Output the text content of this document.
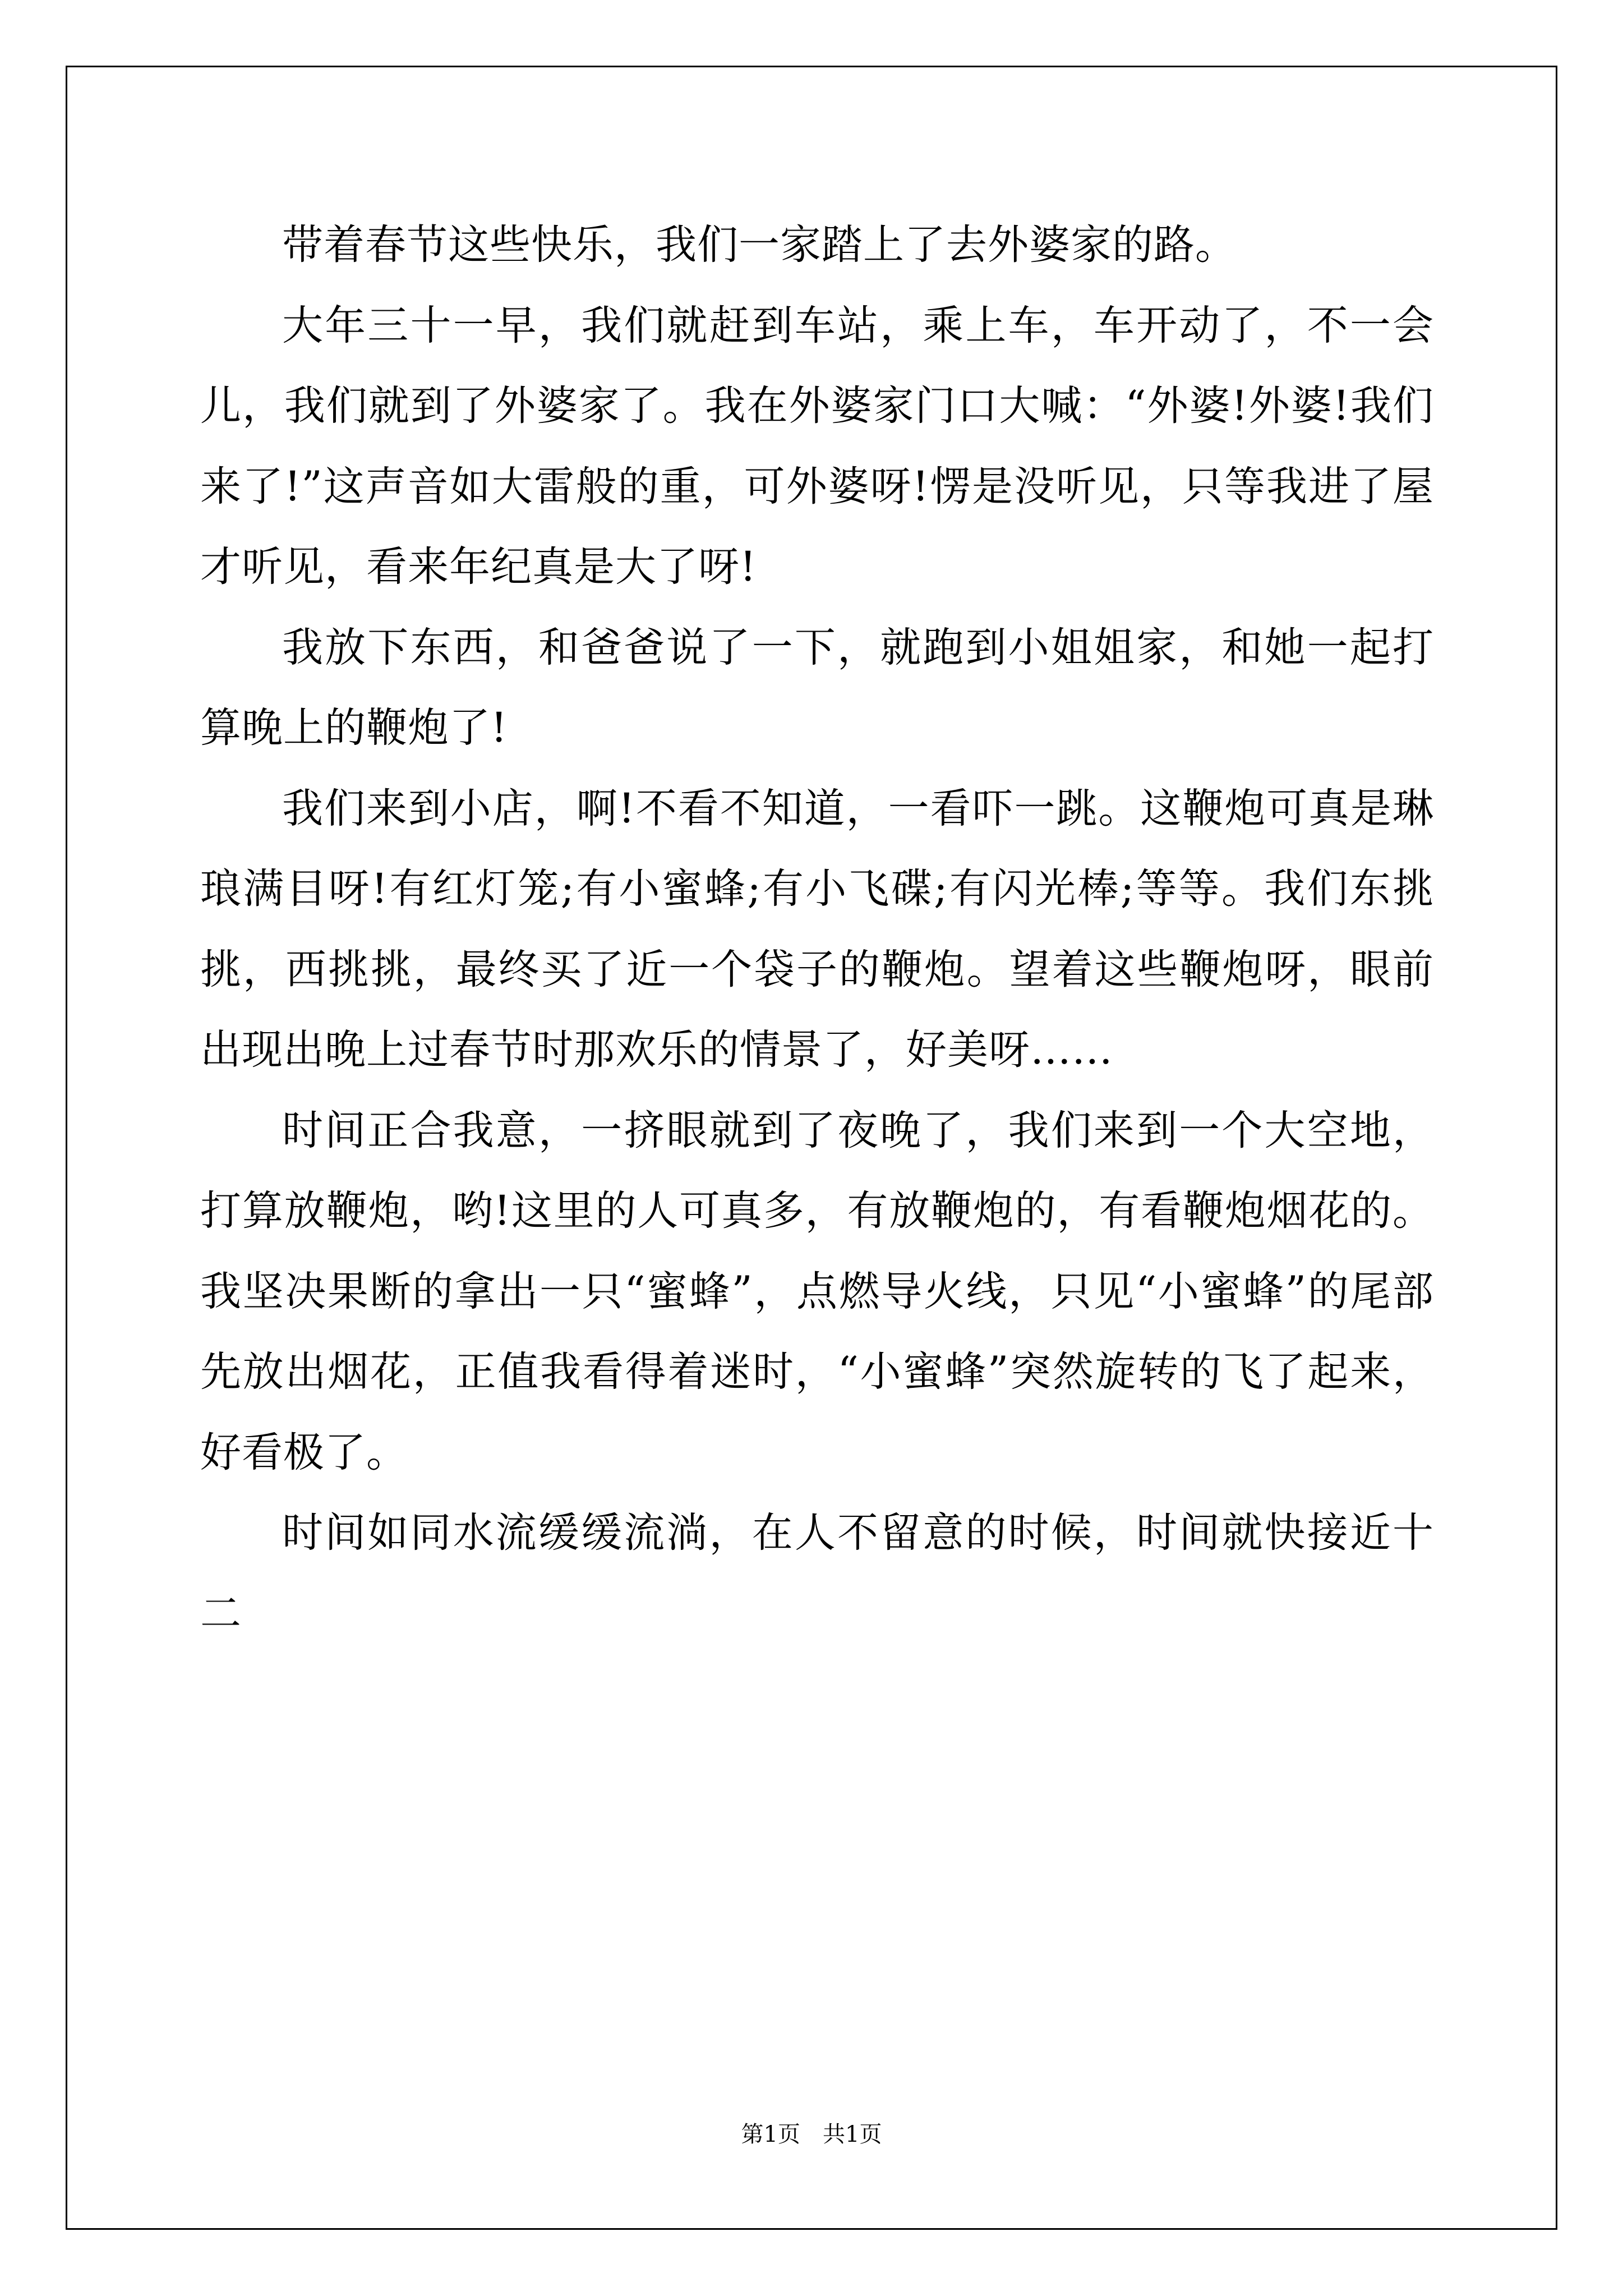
带着春节这些快乐，我们一家踏上了去外婆家的路。

大年三十一早，我们就赶到车站，乘上车，车开动了，不一会儿，我们就到了外婆家了。我在外婆家门口大喊：“外婆!外婆!我们来了!”这声音如大雷般的重，可外婆呀!愣是没听见，只等我进了屋才听见，看来年纪真是大了呀!

我放下东西，和爸爸说了一下，就跑到小姐姐家，和她一起打算晚上的鞭炮了!

我们来到小店，啊!不看不知道，一看吓一跳。这鞭炮可真是琳琅满目呀!有红灯笼;有小蜜蜂;有小飞碟;有闪光棒;等等。我们东挑挑，西挑挑，最终买了近一个袋子的鞭炮。望着这些鞭炮呀，眼前出现出晚上过春节时那欢乐的情景了，好美呀……

时间正合我意，一挤眼就到了夜晚了，我们来到一个大空地，打算放鞭炮，哟!这里的人可真多，有放鞭炮的，有看鞭炮烟花的。我坚决果断的拿出一只“蜜蜂”，点燃导火线，只见“小蜜蜂”的尾部先放出烟花，正值我看得着迷时，“小蜜蜂”突然旋转的飞了起来，好看极了。

时间如同水流缓缓流淌，在人不留意的时候，时间就快接近十二

第1页 共1页
